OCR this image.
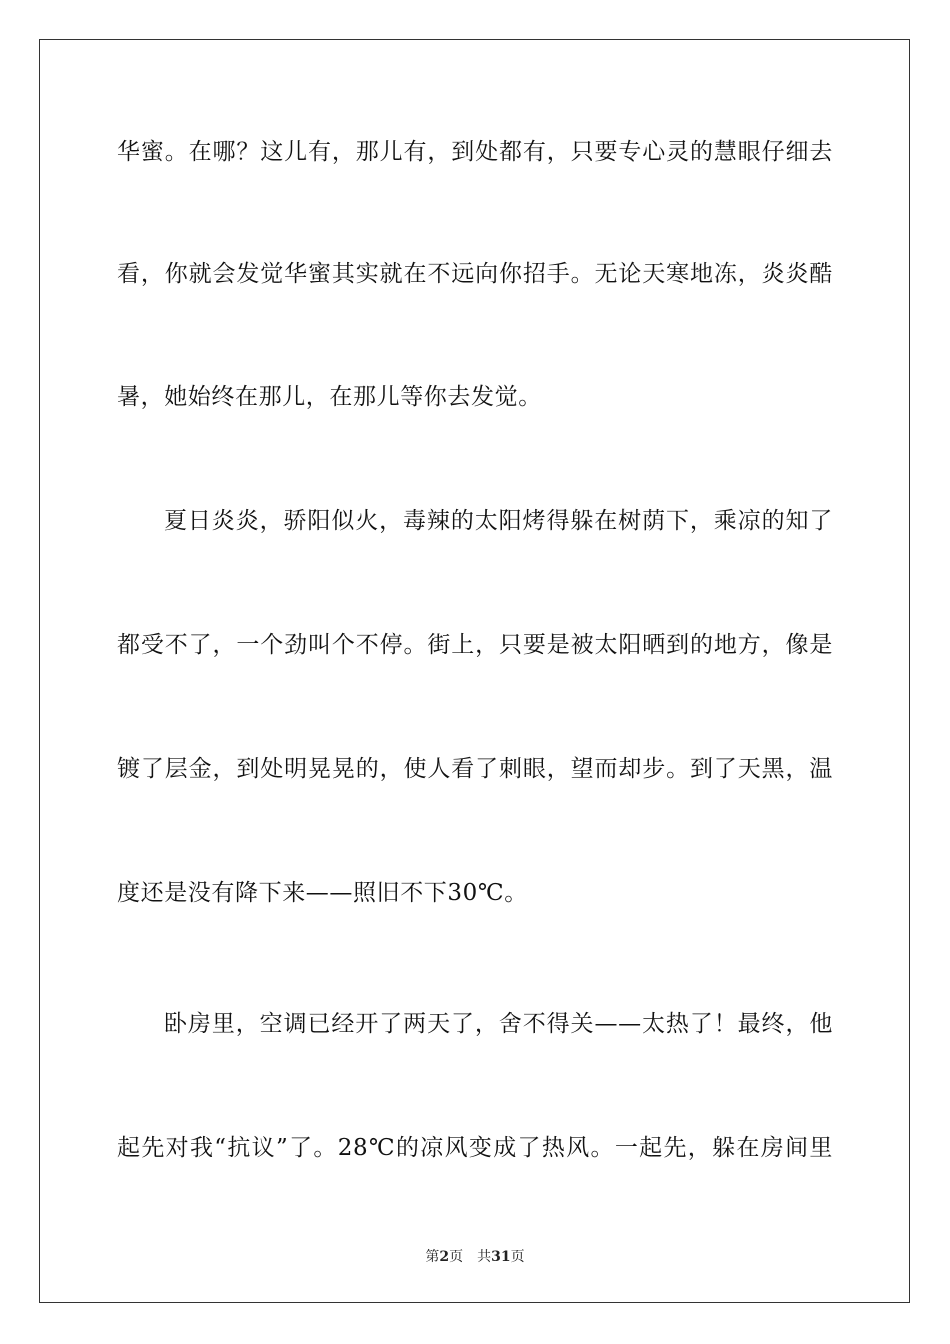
华蜜。在哪？这儿有，那儿有，到处都有，只要专心灵的慧眼仔细去
看，你就会发觉华蜜其实就在不远向你招手。无论天寒地冻，炎炎酷
暑，她始终在那儿，在那儿等你去发觉。
夏日炎炎，骄阳似火，毒辣的太阳烤得躲在树荫下，乘凉的知了
都受不了，一个劲叫个不停。街上，只要是被太阳晒到的地方，像是
镀了层金，到处明晃晃的，使人看了刺眼，望而却步。到了天黑，温
度还是没有降下来——照旧不下30℃。
卧房里，空调已经开了两天了，舍不得关——太热了！最终，他
起先对我“抗议”了。28℃的凉风变成了热风。一起先，躲在房间里
第2页 共31页
